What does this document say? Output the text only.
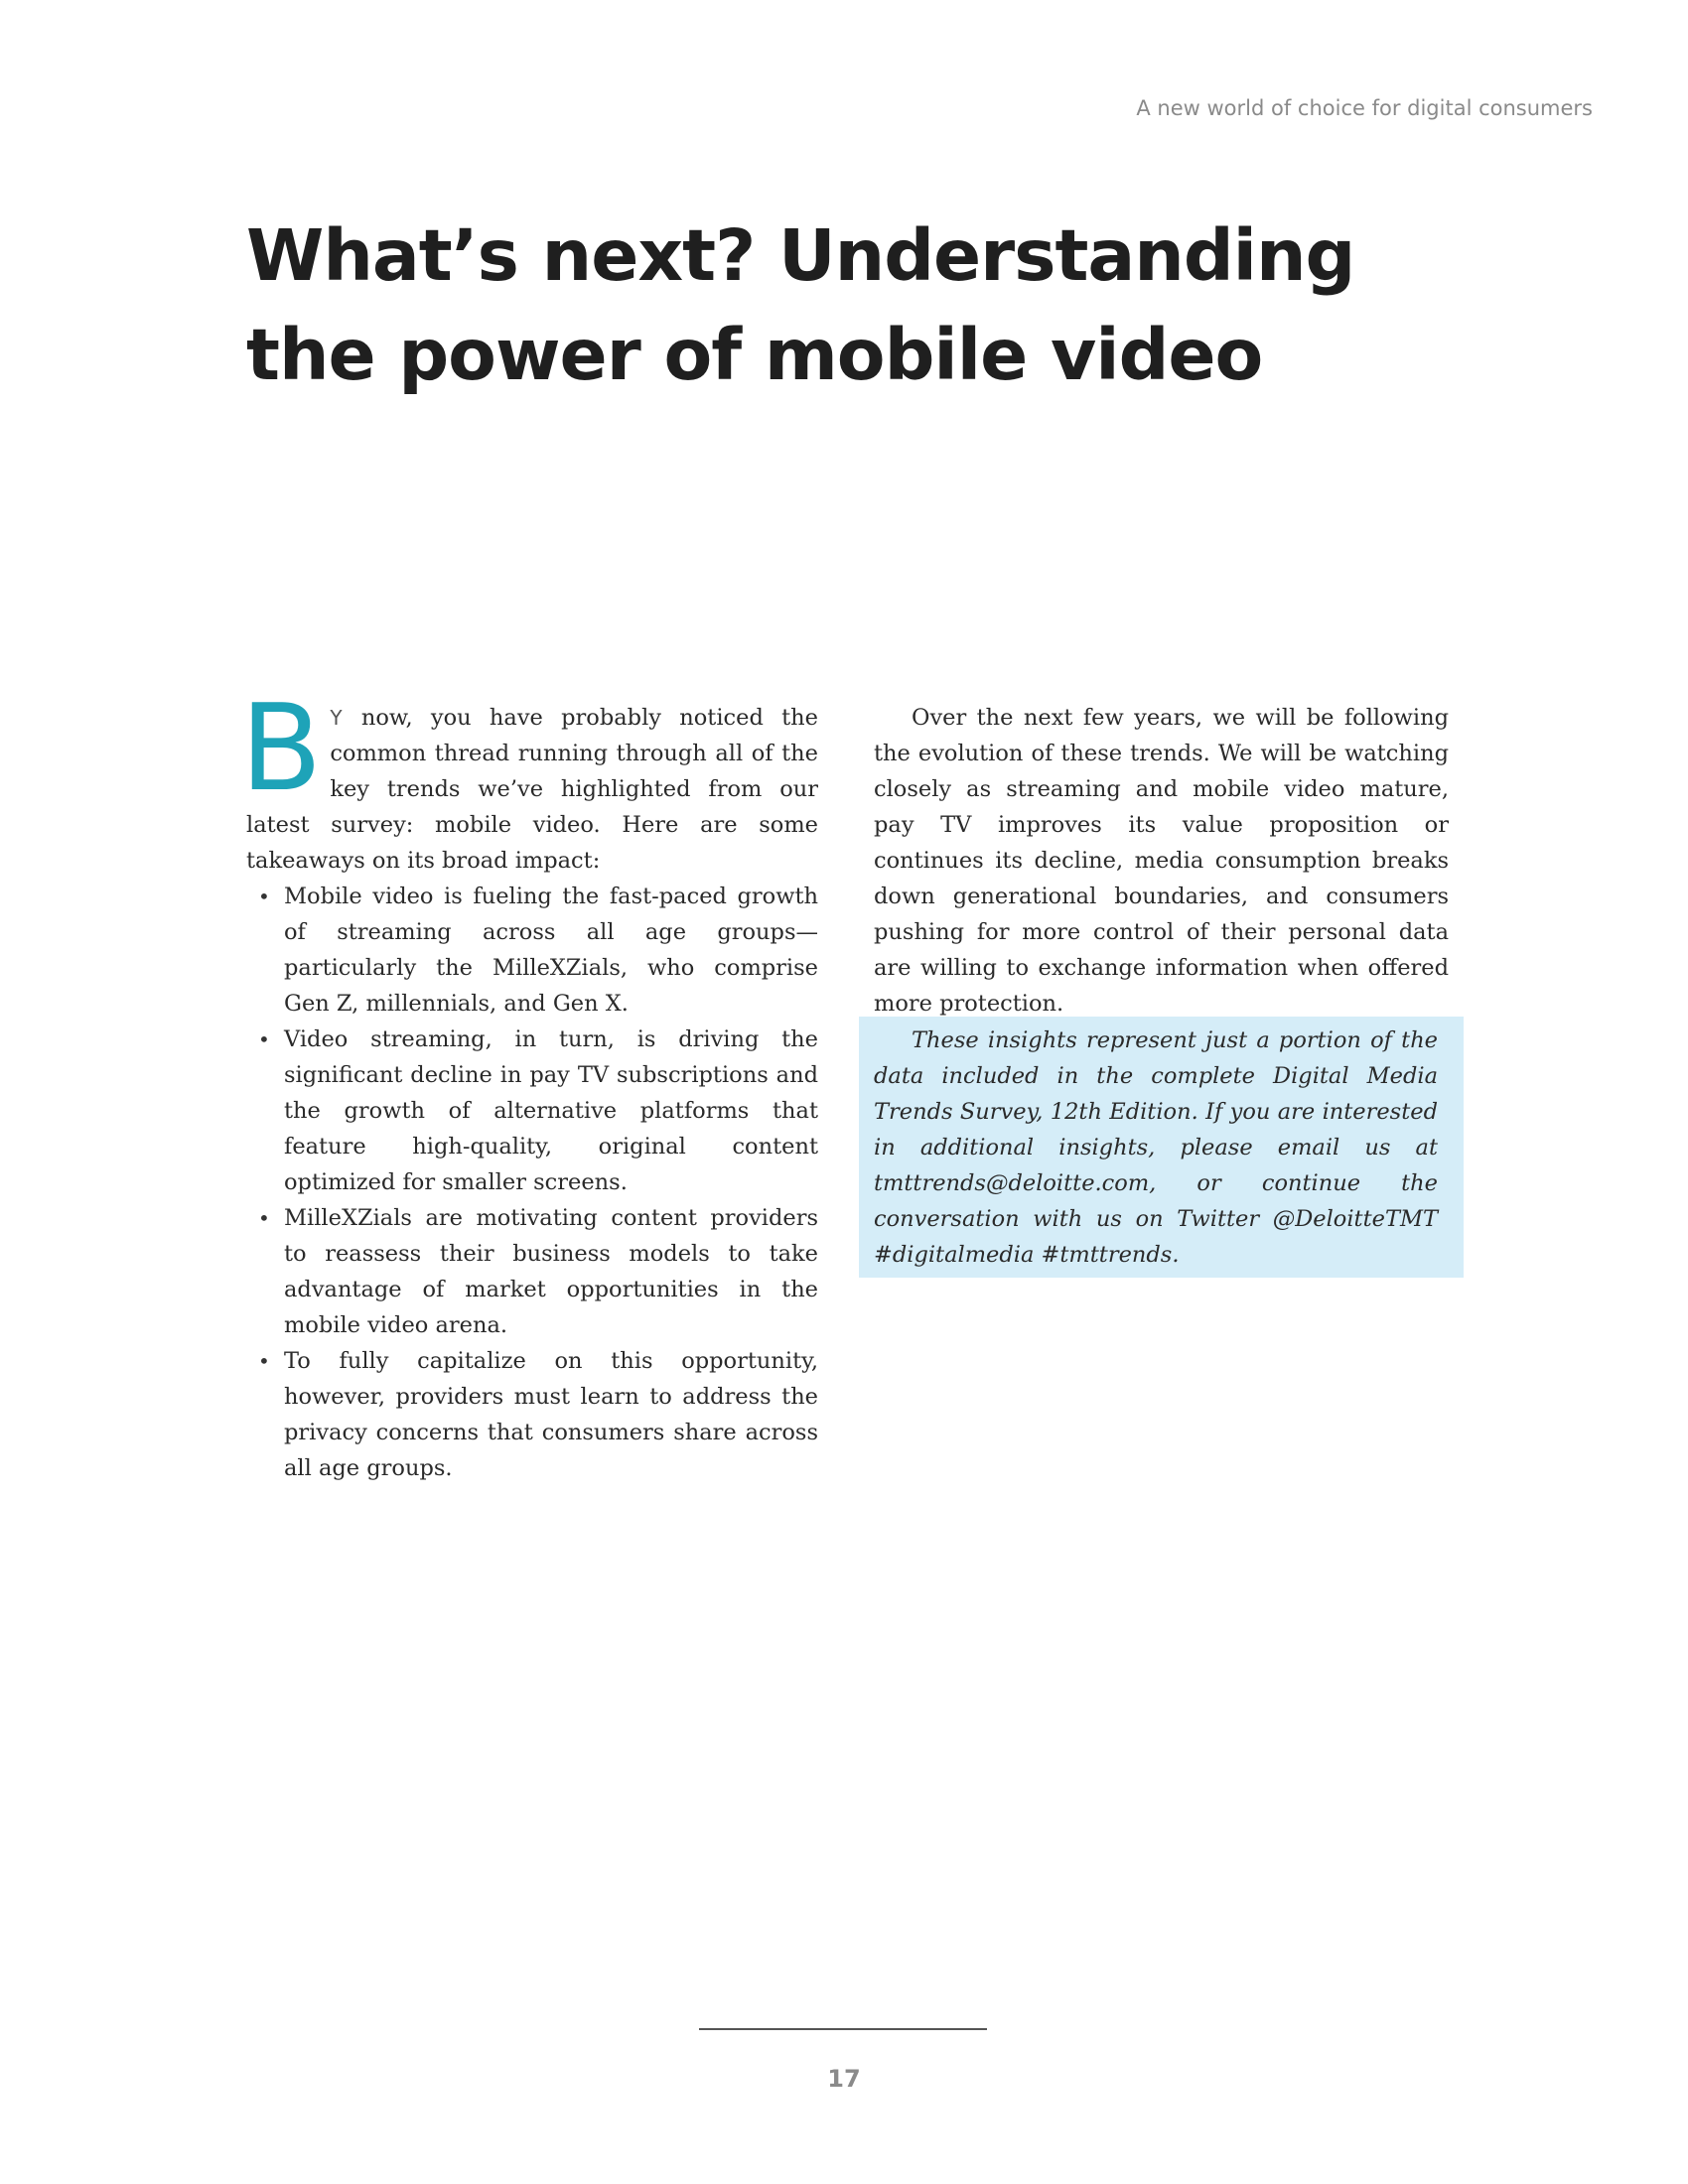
A new world of choice for digital consumers
What’s next? Understanding
the power of mobile video

B Y now, you have probably noticed the common thread running through all of the key trends we’ve highlighted from our latest survey: mobile video. Here are some takeaways on its broad impact:

• Mobile video is fueling the fast-paced growth of streaming across all age groups—particularly the MilleXZials, who comprise Gen Z, millennials, and Gen X.
• Video streaming, in turn, is driving the significant decline in pay TV subscriptions and the growth of alternative platforms that feature high-quality, original content optimized for smaller screens.
• MilleXZials are motivating content providers to reassess their business models to take advantage of market opportunities in the mobile video arena.
• To fully capitalize on this opportunity, however, providers must learn to address the privacy concerns that consumers share across all age groups.

Over the next few years, we will be following the evolution of these trends. We will be watching closely as streaming and mobile video mature, pay TV improves its value proposition or continues its decline, media consumption breaks down generational boundaries, and consumers pushing for more control of their personal data are willing to exchange information when offered more protection.

These insights represent just a portion of the data included in the complete Digital Media Trends Survey, 12th Edition. If you are interested in additional insights, please email us at tmttrends@deloitte.com, or continue the conversation with us on Twitter @DeloitteTMT #digitalmedia #tmttrends.

17
